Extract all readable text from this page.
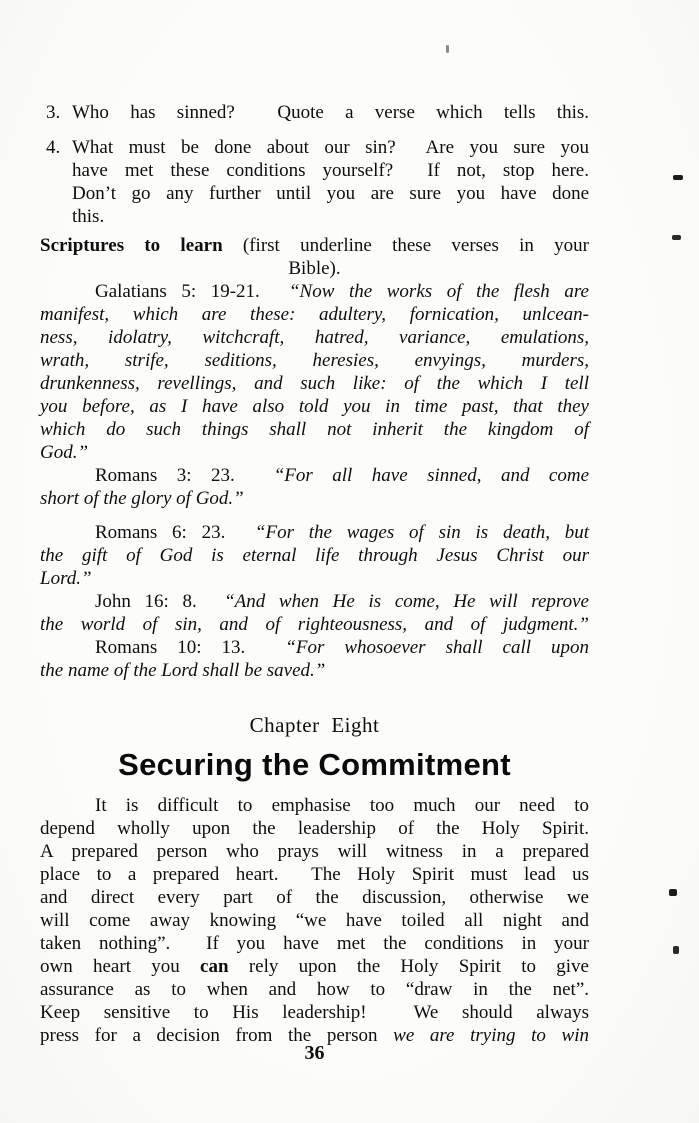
3. Who has sinned?  Quote a verse which tells this.
4. What must be done about our sin?  Are you sure you
have met these conditions yourself?  If not, stop here.
Don’t go any further until you are sure you have done
this.
Scriptures to learn (first underline these verses in your
Bible).
Galatians 5: 19-21.  “Now the works of the flesh are
manifest, which are these: adultery, fornication, unlcean-
ness, idolatry, witchcraft, hatred, variance, emulations,
wrath, strife, seditions, heresies, envyings, murders,
drunkenness, revellings, and such like: of the which I tell
you before, as I have also told you in time past, that they
which do such things shall not inherit the kingdom of
God.”
Romans 3: 23.  “For all have sinned, and come
short of the glory of God.”
Romans 6: 23.  “For the wages of sin is death, but
the gift of God is eternal life through Jesus Christ our
Lord.”
John 16: 8.  “And when He is come, He will reprove
the world of sin, and of righteousness, and of judgment.”
Romans 10: 13.  “For whosoever shall call upon
the name of the Lord shall be saved.”
Chapter Eight
Securing the Commitment
It is difficult to emphasise too much our need to
depend wholly upon the leadership of the Holy Spirit.
A prepared person who prays will witness in a prepared
place to a prepared heart.  The Holy Spirit must lead us
and direct every part of the discussion, otherwise we
will come away knowing “we have toiled all night and
taken nothing”.  If you have met the conditions in your
own heart you can rely upon the Holy Spirit to give
assurance as to when and how to “draw in the net”.
Keep sensitive to His leadership!  We should always
press for a decision from the person we are trying to win
36
